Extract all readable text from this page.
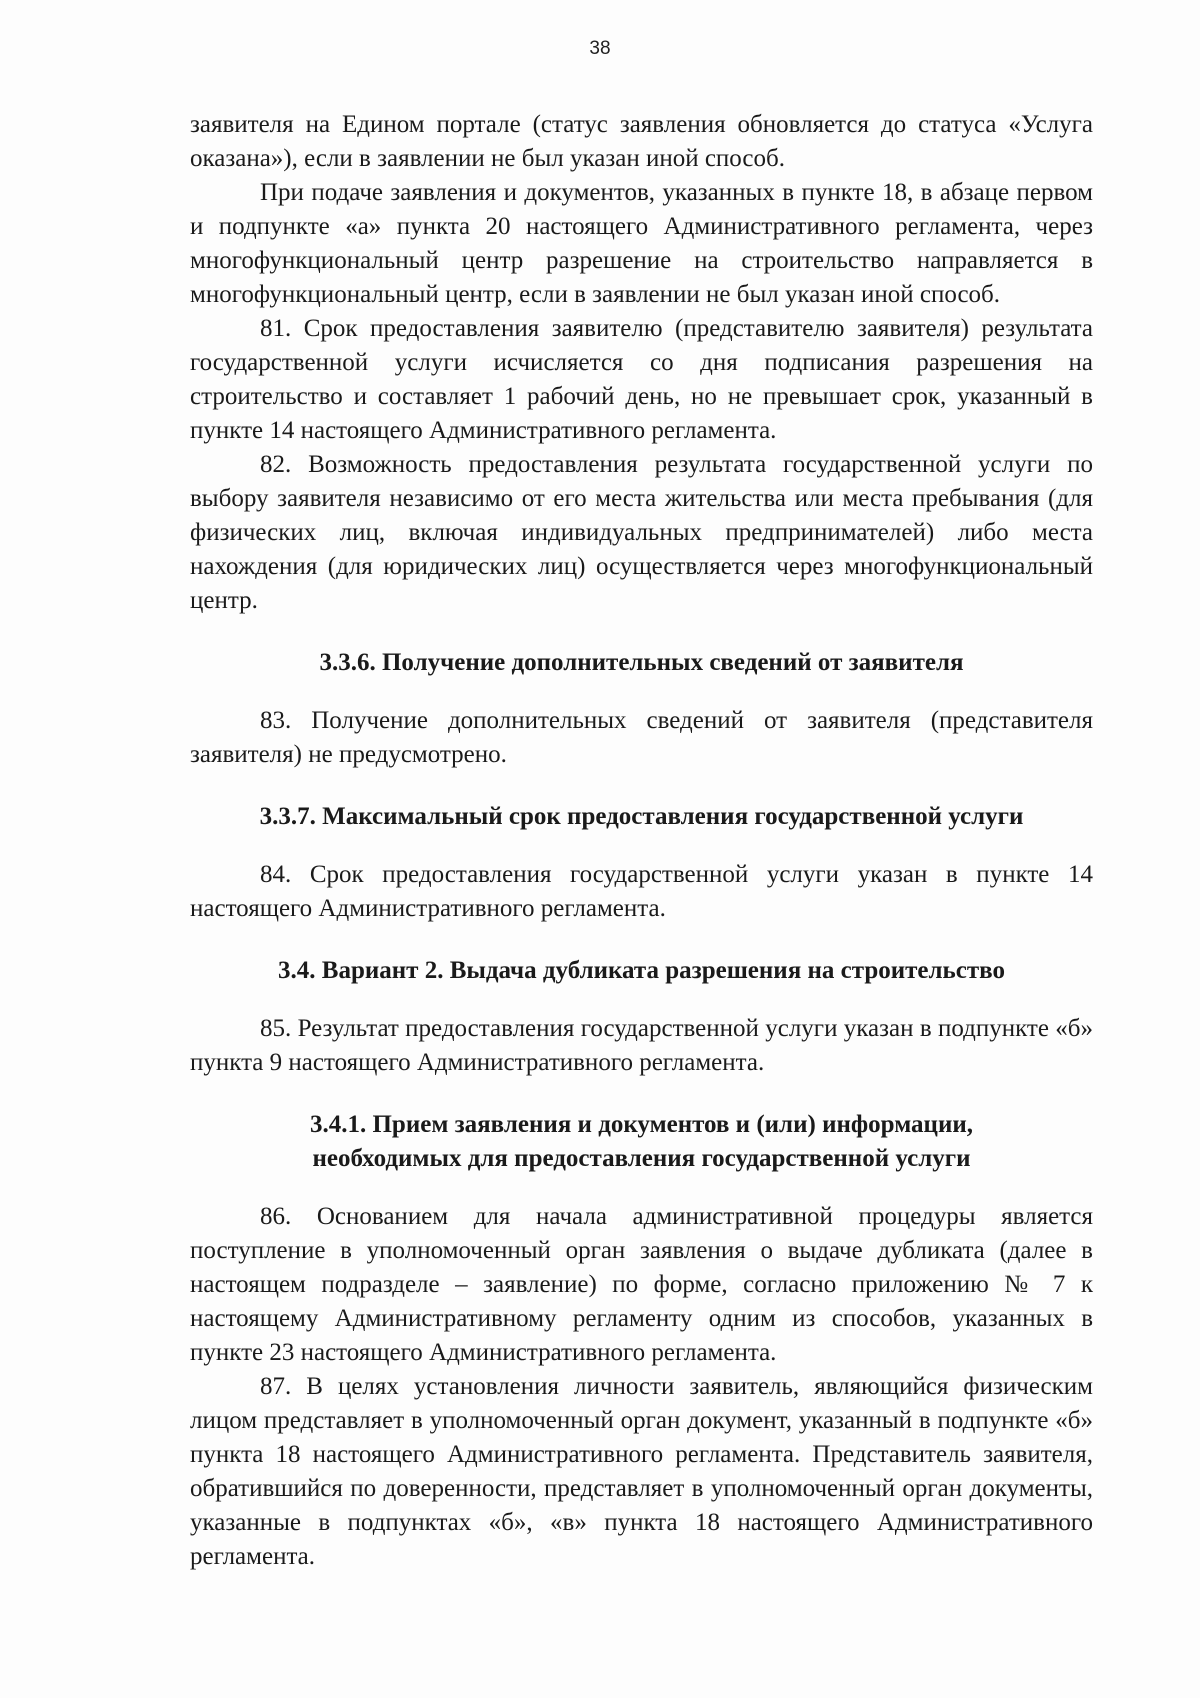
38

заявителя на Едином портале (статус заявления обновляется до статуса «Услуга оказана»), если в заявлении не был указан иной способ.

При подаче заявления и документов, указанных в пункте 18, в абзаце первом и подпункте «а» пункта 20 настоящего Административного регламента, через многофункциональный центр разрешение на строительство направляется в многофункциональный центр, если в заявлении не был указан иной способ.

81. Срок предоставления заявителю (представителю заявителя) результата государственной услуги исчисляется со дня подписания разрешения на строительство и составляет 1 рабочий день, но не превышает срок, указанный в пункте 14 настоящего Административного регламента.

82. Возможность предоставления результата государственной услуги по выбору заявителя независимо от его места жительства или места пребывания (для физических лиц, включая индивидуальных предпринимателей) либо места нахождения (для юридических лиц) осуществляется через многофункциональный центр.

3.3.6. Получение дополнительных сведений от заявителя

83. Получение дополнительных сведений от заявителя (представителя заявителя) не предусмотрено.

3.3.7. Максимальный срок предоставления государственной услуги

84. Срок предоставления государственной услуги указан в пункте 14 настоящего Административного регламента.

3.4. Вариант 2. Выдача дубликата разрешения на строительство

85. Результат предоставления государственной услуги указан в подпункте «б» пункта 9 настоящего Административного регламента.

3.4.1. Прием заявления и документов и (или) информации,

необходимых для предоставления государственной услуги

86. Основанием для начала административной процедуры является поступление в уполномоченный орган заявления о выдаче дубликата (далее в настоящем подразделе – заявление) по форме, согласно приложению № 7 к настоящему Административному регламенту одним из способов, указанных в пункте 23 настоящего Административного регламента.

87. В целях установления личности заявитель, являющийся физическим лицом представляет в уполномоченный орган документ, указанный в подпункте «б» пункта 18 настоящего Административного регламента. Представитель заявителя, обратившийся по доверенности, представляет в уполномоченный орган документы, указанные в подпунктах «б», «в» пункта 18 настоящего Административного регламента.
